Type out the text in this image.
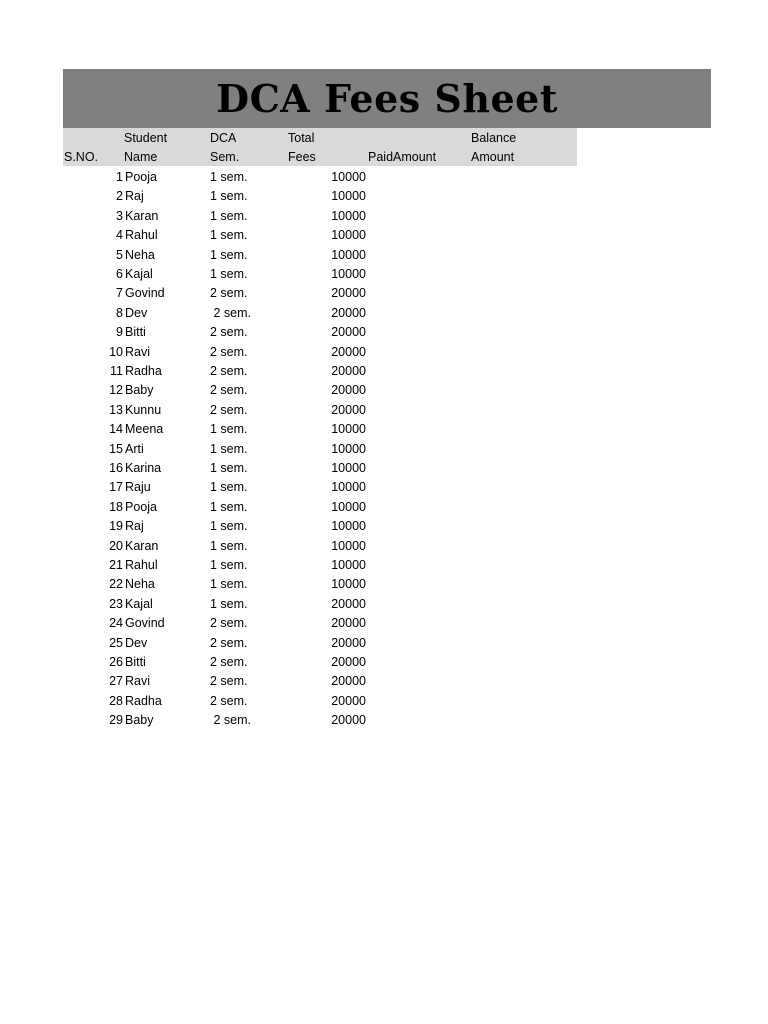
DCA Fees Sheet
Student	DCA	Total	Balance
S.NO. Name	Sem.	Fees	PaidAmount	Amount
1 Pooja	1 sem.	10000
2 Raj	1 sem.	10000
3 Karan	1 sem.	10000
4 Rahul	1 sem.	10000
5 Neha	1 sem.	10000
6 Kajal	1 sem.	10000
7 Govind	2 sem.	20000
8 Dev	2 sem.	20000
9 Bitti	2 sem.	20000
10 Ravi	2 sem.	20000
11 Radha	2 sem.	20000
12 Baby	2 sem.	20000
13 Kunnu	2 sem.	20000
14 Meena	1 sem.	10000
15 Arti	1 sem.	10000
16 Karina	1 sem.	10000
17 Raju	1 sem.	10000
18 Pooja	1 sem.	10000
19 Raj	1 sem.	10000
20 Karan	1 sem.	10000
21 Rahul	1 sem.	10000
22 Neha	1 sem.	10000
23 Kajal	1 sem.	20000
24 Govind	2 sem.	20000
25 Dev	2 sem.	20000
26 Bitti	2 sem.	20000
27 Ravi	2 sem.	20000
28 Radha	2 sem.	20000
29 Baby	2 sem.	20000
